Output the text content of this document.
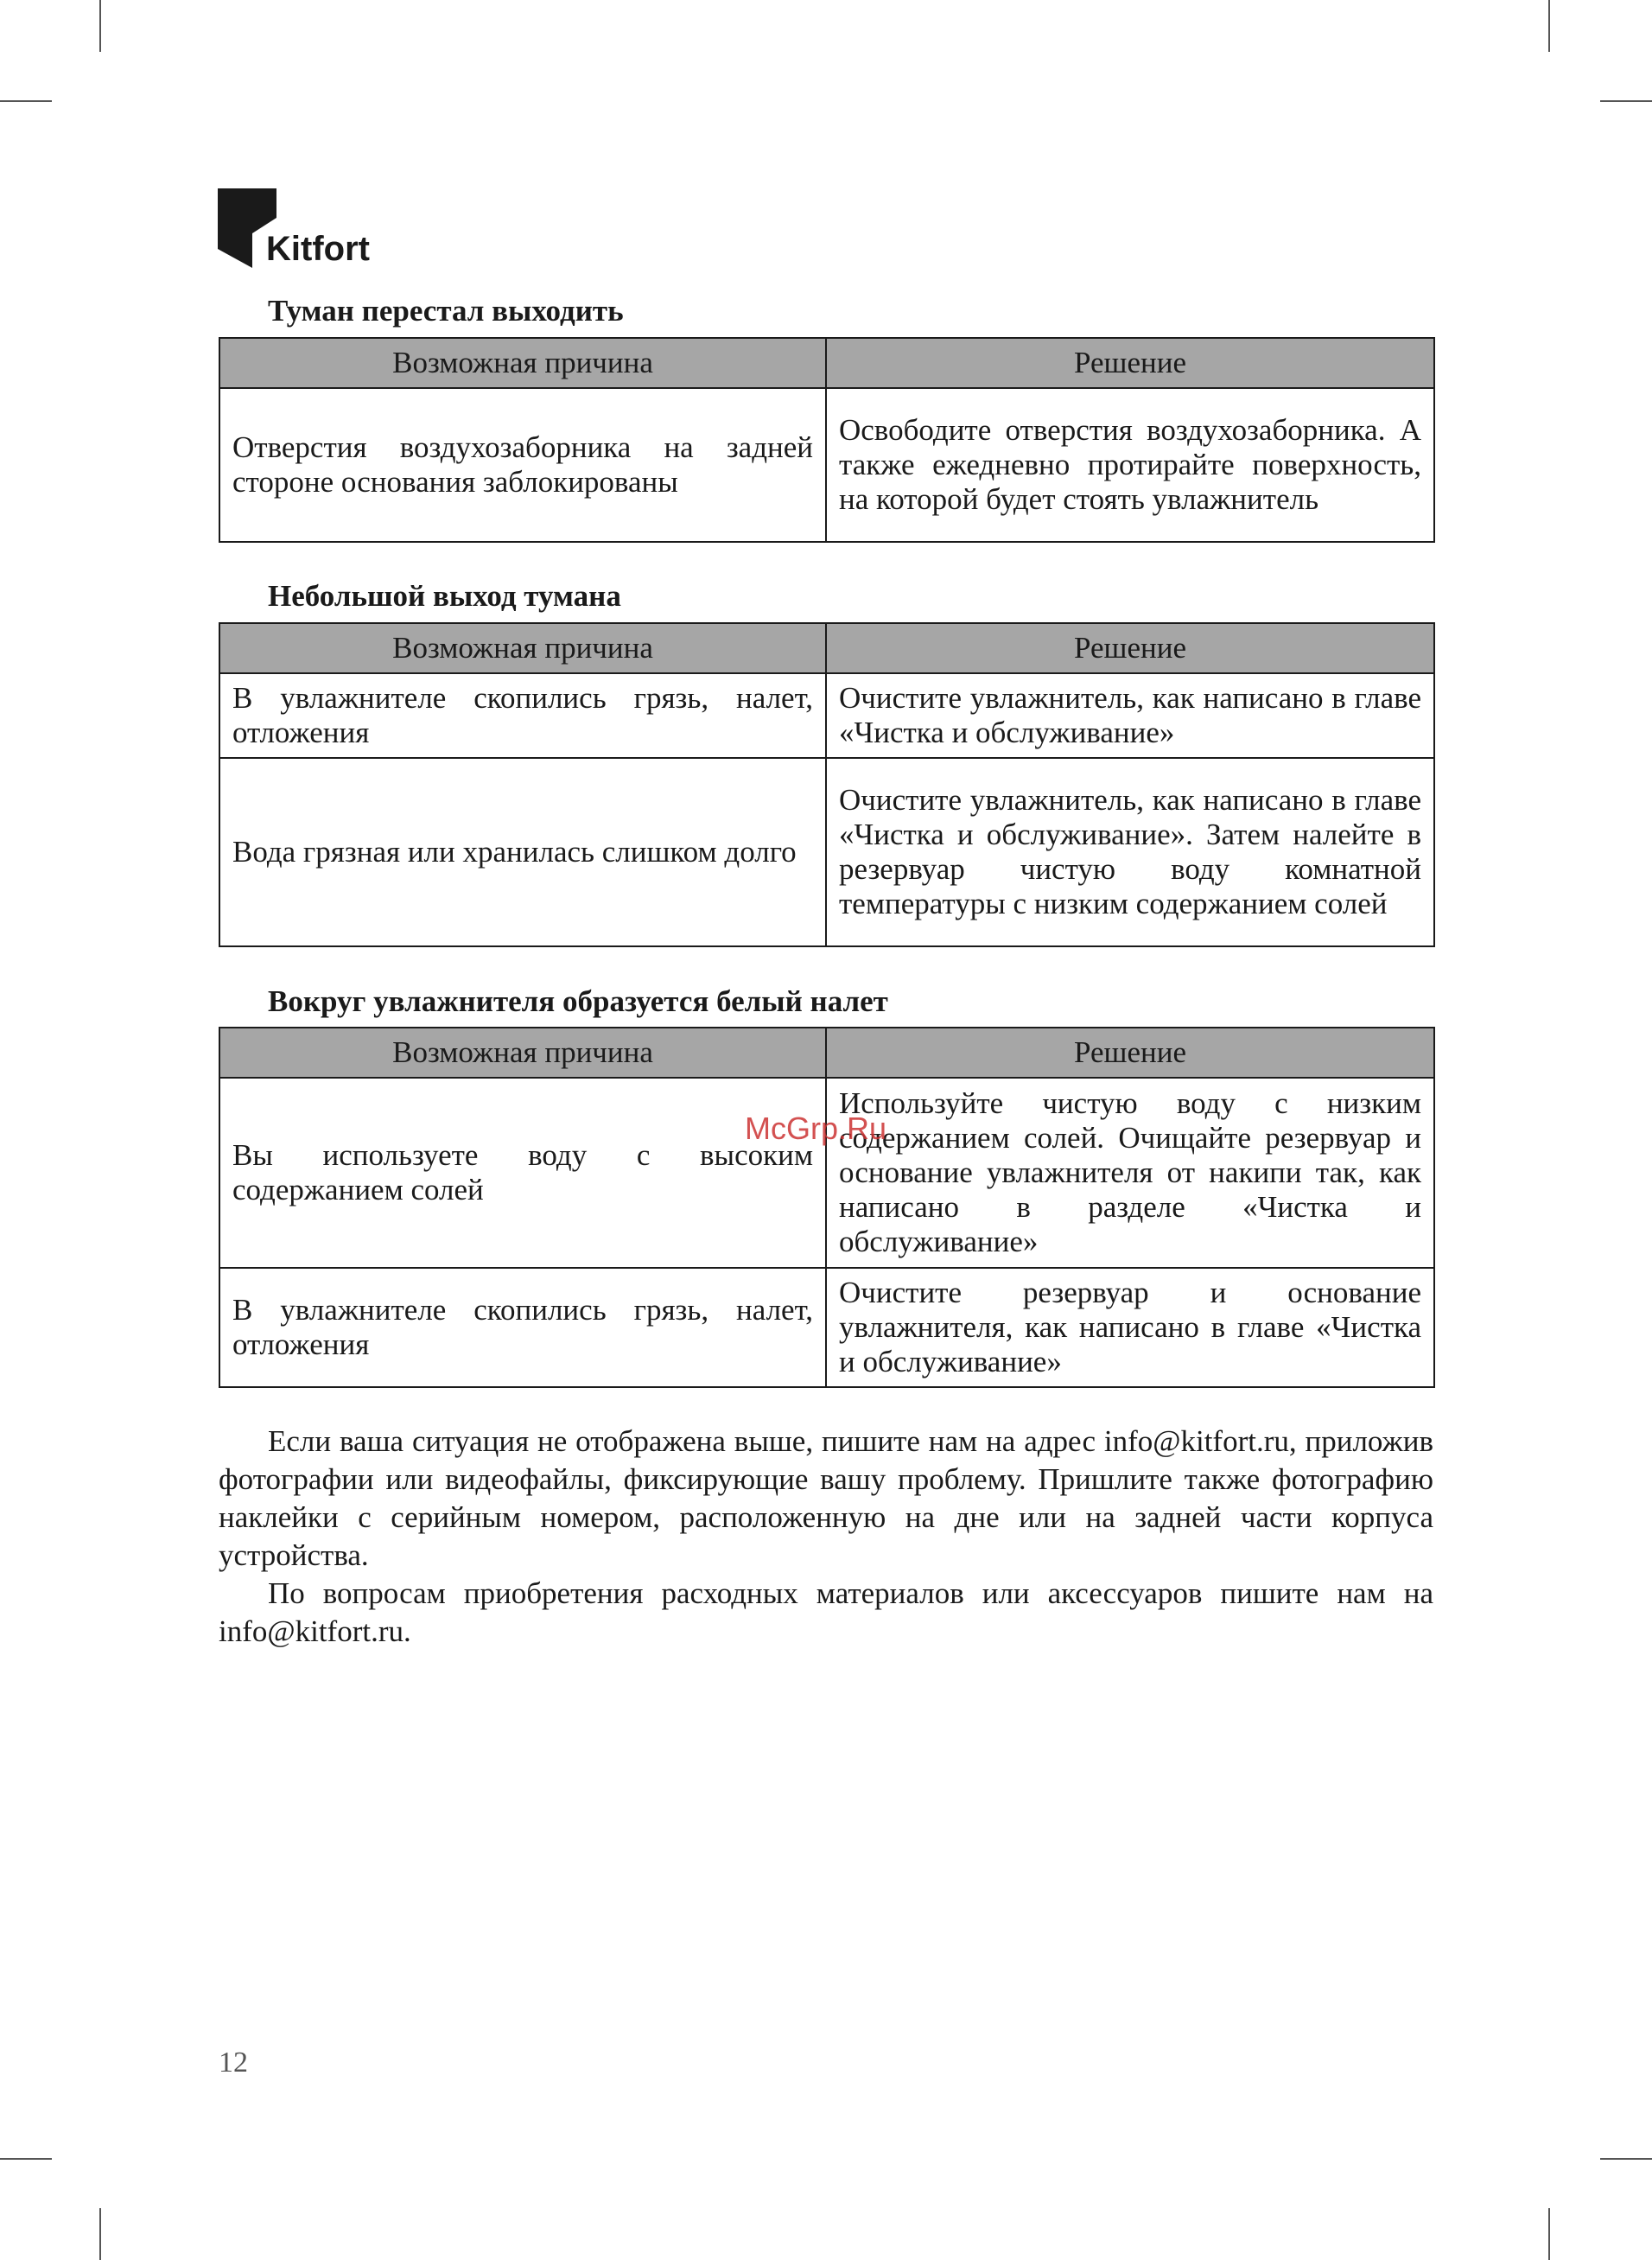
Kitfort
Туман перестал выходить
Возможная причина	Решение
Отверстия воздухозаборника на задней стороне основания заблокированы	Освободите отверстия воздухозаборника. А также ежедневно протирайте поверхность, на которой будет стоять увлажнитель
Небольшой выход тумана
Возможная причина	Решение
В увлажнителе скопились грязь, налет, отложения	Очистите увлажнитель, как написано в главе «Чистка и обслуживание»
Вода грязная или хранилась слишком долго	Очистите увлажнитель, как написано в главе «Чистка и обслуживание». Затем налейте в резервуар чистую воду комнатной температуры с низким содержанием солей
Вокруг увлажнителя образуется белый налет
Возможная причина	Решение
Вы используете воду с высоким содержанием солей	Используйте чистую воду с низким содержанием солей. Очищайте резервуар и основание увлажнителя от накипи так, как написано в разделе «Чистка и обслуживание»
В увлажнителе скопились грязь, налет, отложения	Очистите резервуар и основание увлажнителя, как написано в главе «Чистка и обслуживание»
McGrp.Ru

Если ваша ситуация не отображена выше, пишите нам на адрес info@kitfort.ru, приложив фотографии или видеофайлы, фиксирующие вашу проблему. Пришлите также фотографию наклейки с серийным номером, расположенную на дне или на задней части корпуса устройства.

По вопросам приобретения расходных материалов или аксессуаров пишите нам на info@kitfort.ru.

12
